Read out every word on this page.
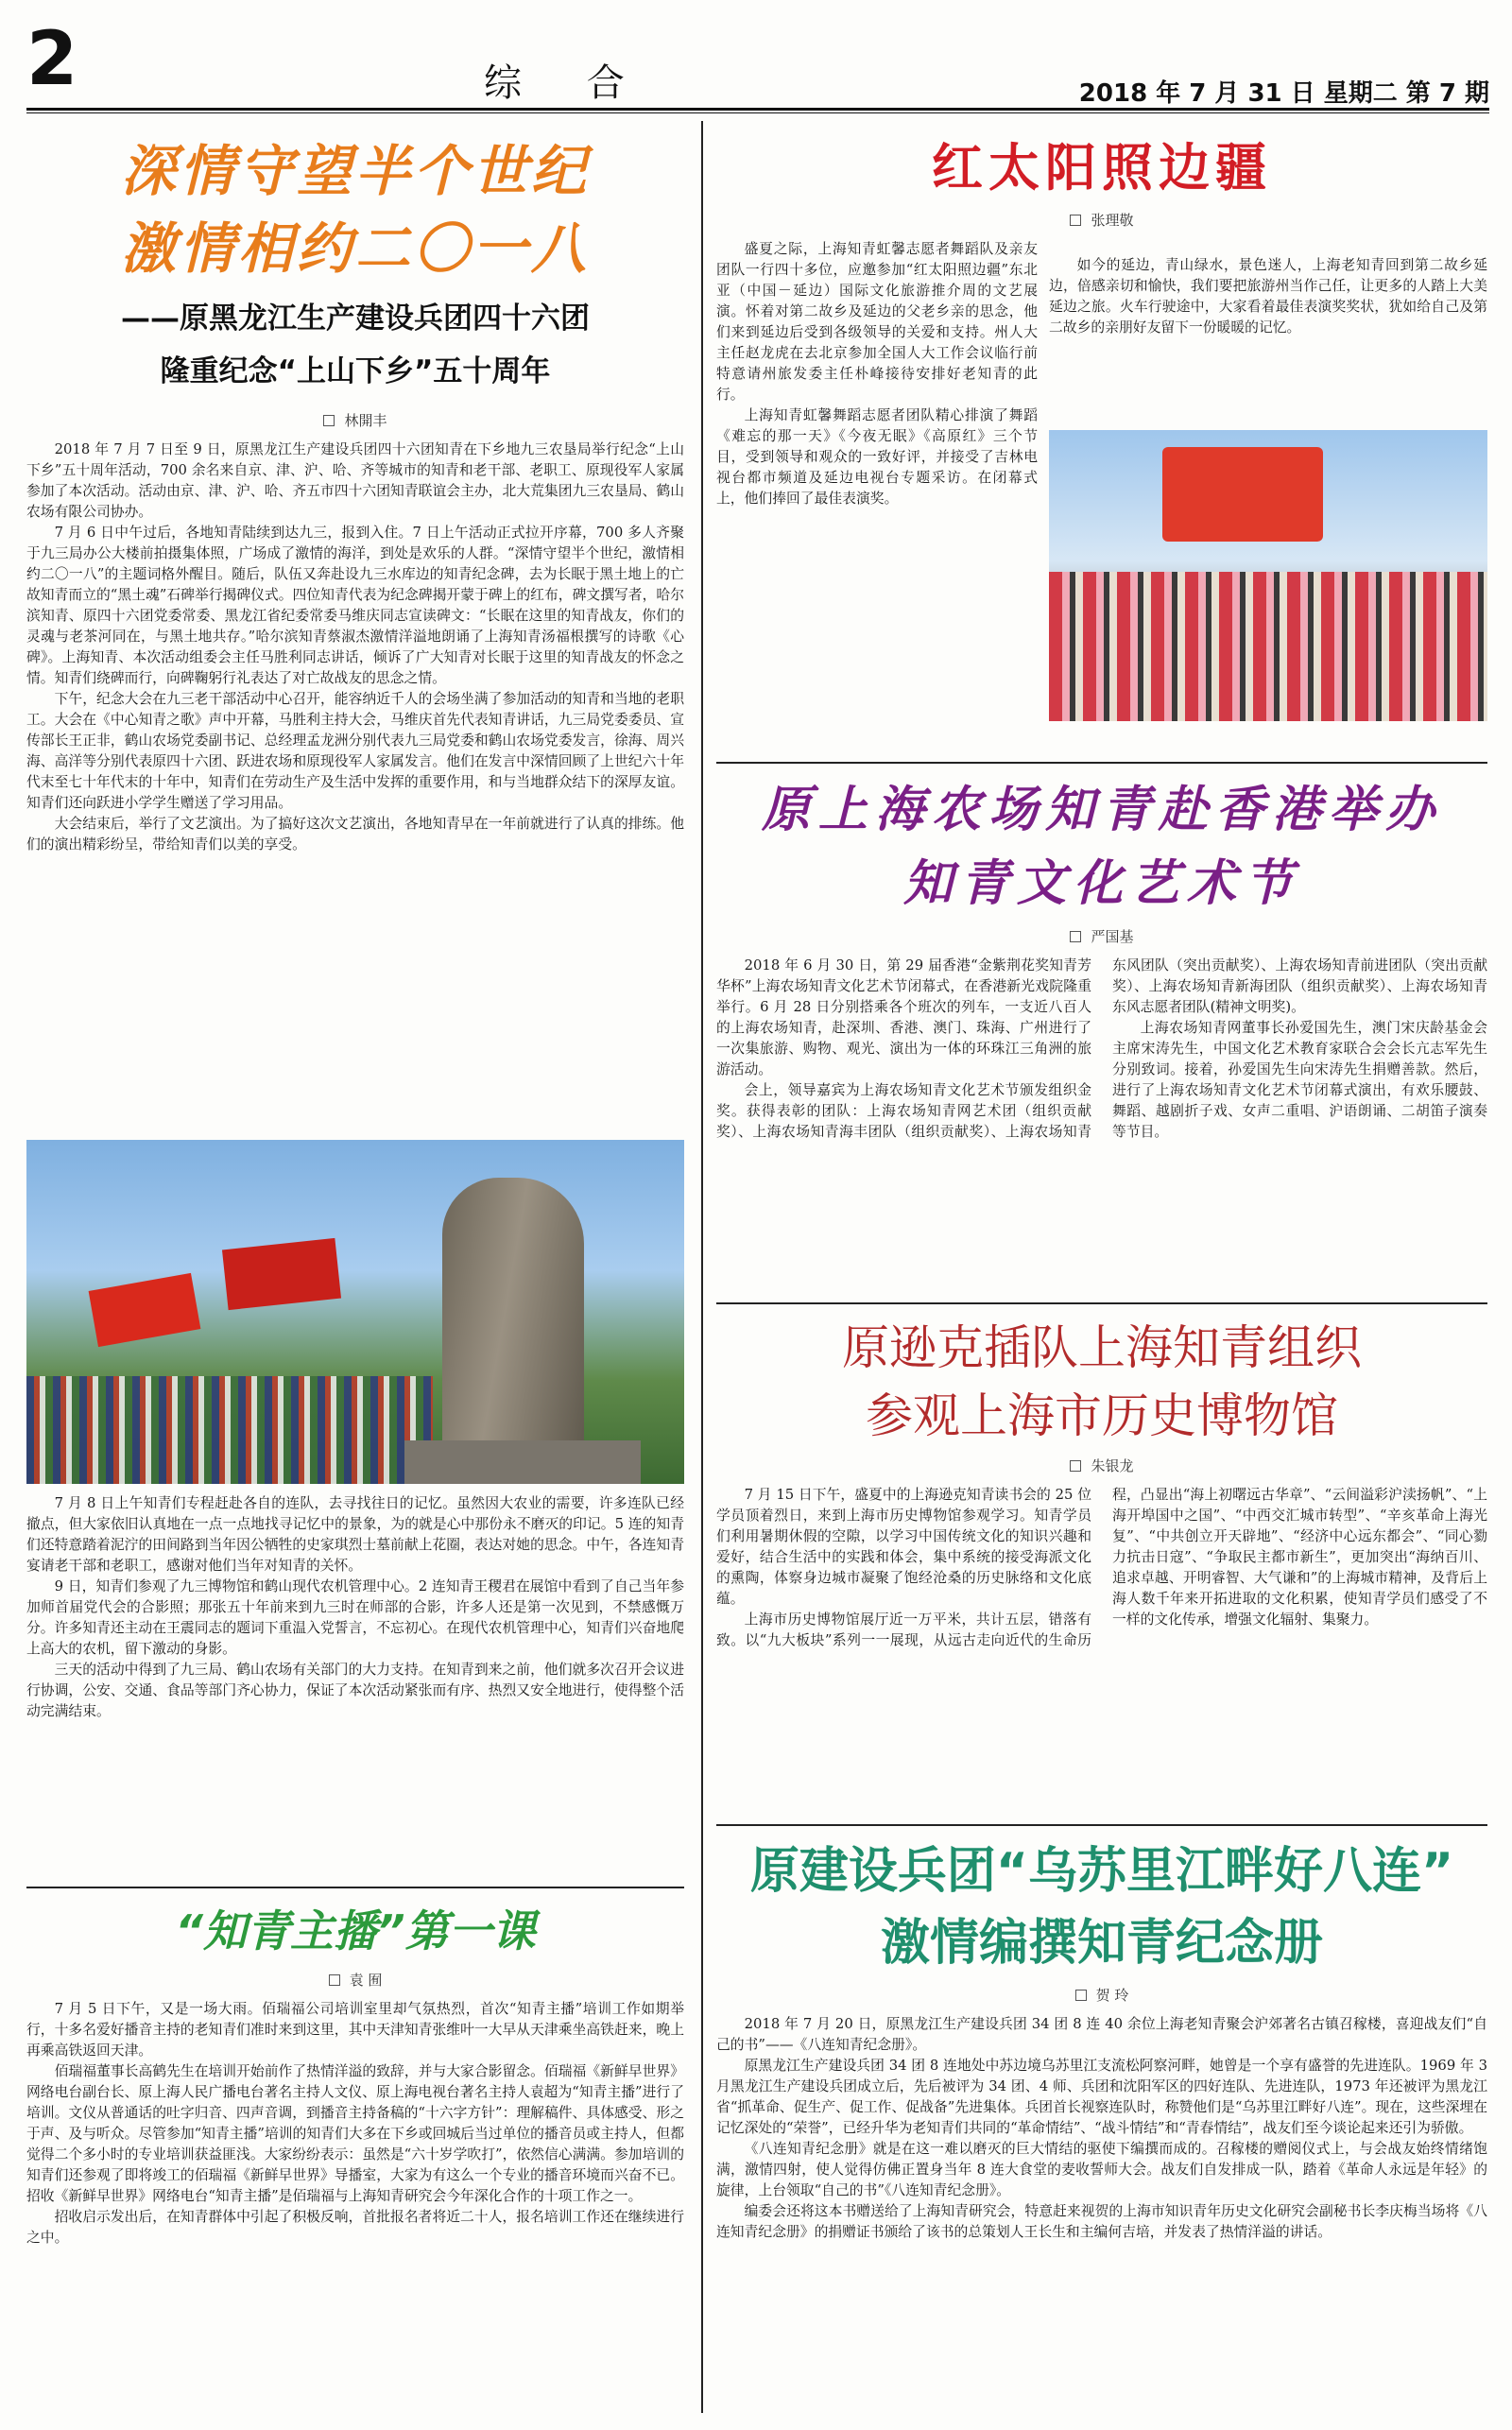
2	综 合	2018 年 7 月 31 日 星期二 第 7 期
深情守望半个世纪
激情相约二〇一八
——原黑龙江生产建设兵团四十六团
隆重纪念“上山下乡”五十周年
林開丰

2018 年 7 月 7 日至 9 日，原黑龙江生产建设兵团四十六团知青在下乡地九三农垦局举行纪念“上山下乡”五十周年活动，700 余名来自京、津、沪、哈、齐等城市的知青和老干部、老职工、原现役军人家属参加了本次活动。活动由京、津、沪、哈、齐五市四十六团知青联谊会主办，北大荒集团九三农垦局、鹤山农场有限公司协办。

7 月 6 日中午过后，各地知青陆续到达九三，报到入住。7 日上午活动正式拉开序幕，700 多人齐聚于九三局办公大楼前拍摄集体照，广场成了激情的海洋，到处是欢乐的人群。“深情守望半个世纪，激情相约二〇一八”的主题词格外醒目。随后，队伍又奔赴设九三水库边的知青纪念碑，去为长眠于黑土地上的亡故知青而立的“黑土魂”石碑举行揭碑仪式。四位知青代表为纪念碑揭开蒙于碑上的红布，碑文撰写者，哈尔滨知青、原四十六团党委常委、黑龙江省纪委常委马维庆同志宣读碑文：“长眠在这里的知青战友，你们的灵魂与老茶河同在，与黑土地共存。”哈尔滨知青蔡淑杰激情洋溢地朗诵了上海知青汤福根撰写的诗歌《心碑》。上海知青、本次活动组委会主任马胜利同志讲话，倾诉了广大知青对长眠于这里的知青战友的怀念之情。知青们绕碑而行，向碑鞠躬行礼表达了对亡故战友的思念之情。

下午，纪念大会在九三老干部活动中心召开，能容纳近千人的会场坐满了参加活动的知青和当地的老职工。大会在《中心知青之歌》声中开幕，马胜利主持大会，马维庆首先代表知青讲话，九三局党委委员、宣传部长王正非，鹤山农场党委副书记、总经理孟龙洲分别代表九三局党委和鹤山农场党委发言，徐海、周兴海、高洋等分别代表原四十六团、跃进农场和原现役军人家属发言。他们在发言中深情回顾了上世纪六十年代末至七十年代末的十年中，知青们在劳动生产及生活中发挥的重要作用，和与当地群众结下的深厚友谊。知青们还向跃进小学学生赠送了学习用品。

大会结束后，举行了文艺演出。为了搞好这次文艺演出，各地知青早在一年前就进行了认真的排练。他们的演出精彩纷呈，带给知青们以美的享受。

7 月 8 日上午知青们专程赶赴各自的连队，去寻找往日的记忆。虽然因大农业的需要，许多连队已经撤点，但大家依旧认真地在一点一点地找寻记忆中的景象，为的就是心中那份永不磨灭的印记。5 连的知青们还特意踏着泥泞的田间路到当年因公牺牲的史家琪烈士墓前献上花圈，表达对她的思念。中午，各连知青宴请老干部和老职工，感谢对他们当年对知青的关怀。

9 日，知青们参观了九三博物馆和鹤山现代农机管理中心。2 连知青王稷君在展馆中看到了自己当年参加师首届党代会的合影照；那张五十年前来到九三时在师部的合影，许多人还是第一次见到，不禁感慨万分。许多知青还主动在王震同志的题词下重温入党誓言，不忘初心。在现代农机管理中心，知青们兴奋地爬上高大的农机，留下激动的身影。

三天的活动中得到了九三局、鹤山农场有关部门的大力支持。在知青到来之前，他们就多次召开会议进行协调，公安、交通、食品等部门齐心协力，保证了本次活动紧张而有序、热烈又安全地进行，使得整个活动完满结束。

“知青主播”第一课
袁 囿

7 月 5 日下午，又是一场大雨。佰瑞福公司培训室里却气氛热烈，首次“知青主播”培训工作如期举行，十多名爱好播音主持的老知青们准时来到这里，其中天津知青张维叶一大早从天津乘坐高铁赶来，晚上再乘高铁返回天津。

佰瑞福董事长高鹤先生在培训开始前作了热情洋溢的致辞，并与大家合影留念。佰瑞福《新鲜早世界》网络电台副台长、原上海人民广播电台著名主持人文仪、原上海电视台著名主持人袁超为“知青主播”进行了培训。文仪从普通话的吐字归音、四声音调，到播音主持备稿的“十六字方针”：理解稿件、具体感受、形之于声、及与听众。尽管参加“知青主播”培训的知青们大多在下乡或回城后当过单位的播音员或主持人，但都觉得二个多小时的专业培训获益匪浅。大家纷纷表示：虽然是“六十岁学吹打”，依然信心满满。参加培训的知青们还参观了即将竣工的佰瑞福《新鲜早世界》导播室，大家为有这么一个专业的播音环境而兴奋不已。招收《新鲜早世界》网络电台“知青主播”是佰瑞福与上海知青研究会今年深化合作的十项工作之一。

招收启示发出后，在知青群体中引起了积极反响，首批报名者将近二十人，报名培训工作还在继续进行之中。

红太阳照边疆
张理敬

盛夏之际，上海知青虹馨志愿者舞蹈队及亲友团队一行四十多位，应邀参加“红太阳照边疆”东北亚（中国－延边）国际文化旅游推介周的文艺展演。怀着对第二故乡及延边的父老乡亲的思念，他们来到延边后受到各级领导的关爱和支持。州人大主任赵龙虎在去北京参加全国人大工作会议临行前特意请州旅发委主任朴峰接待安排好老知青的此行。

上海知青虹馨舞蹈志愿者团队精心排演了舞蹈《难忘的那一天》《今夜无眠》《高原红》三个节目，受到领导和观众的一致好评，并接受了吉林电视台都市频道及延边电视台专题采访。在闭幕式上，他们捧回了最佳表演奖。

如今的延边，青山绿水，景色迷人，上海老知青回到第二故乡延边，倍感亲切和愉快，我们要把旅游州当作己任，让更多的人踏上大美延边之旅。火车行驶途中，大家看着最佳表演奖奖状，犹如给自己及第二故乡的亲朋好友留下一份暖暖的记忆。

原上海农场知青赴香港举办
知青文化艺术节
严国基

2018 年 6 月 30 日，第 29 届香港“金紫荆花奖知青芳华杯”上海农场知青文化艺术节闭幕式，在香港新光戏院隆重举行。6 月 28 日分别搭乘各个班次的列车，一支近八百人的上海农场知青，赴深圳、香港、澳门、珠海、广州进行了一次集旅游、购物、观光、演出为一体的环珠江三角洲的旅游活动。

会上，领导嘉宾为上海农场知青文化艺术节颁发组织金奖。获得表彰的团队：上海农场知青网艺术团（组织贡献奖）、上海农场知青海丰团队（组织贡献奖）、上海农场知青东风团队（突出贡献奖）、上海农场知青前进团队（突出贡献奖）、上海农场知青新海团队（组织贡献奖）、上海农场知青东风志愿者团队(精神文明奖)。

上海农场知青网董事长孙爱国先生，澳门宋庆龄基金会主席宋涛先生，中国文化艺术教育家联合会会长亢志军先生分别致词。接着，孙爱国先生向宋涛先生捐赠善款。然后，进行了上海农场知青文化艺术节闭幕式演出，有欢乐腰鼓、舞蹈、越剧折子戏、女声二重唱、沪语朗诵、二胡笛子演奏等节目。

原逊克插队上海知青组织
参观上海市历史博物馆
朱银龙

7 月 15 日下午，盛夏中的上海逊克知青读书会的 25 位学员顶着烈日，来到上海市历史博物馆参观学习。知青学员们利用暑期休假的空隙，以学习中国传统文化的知识兴趣和爱好，结合生活中的实践和体会，集中系统的接受海派文化的熏陶，体察身边城市凝聚了饱经沧桑的历史脉络和文化底蕴。

上海市历史博物馆展厅近一万平米，共计五层，错落有致。以“九大板块”系列一一展现，从远古走向近代的生命历程，凸显出“海上初曙远古华章”、“云间溢彩沪渎扬帆”、“上海开埠国中之国”、“中西交汇城市转型”、“辛亥革命上海光复”、“中共创立开天辟地”、“经济中心远东都会”、“同心勠力抗击日寇”、“争取民主都市新生”，更加突出“海纳百川、追求卓越、开明睿智、大气谦和”的上海城市精神，及背后上海人数千年来开拓进取的文化积累，使知青学员们感受了不一样的文化传承，增强文化辐射、集聚力。

原建设兵团“乌苏里江畔好八连”
激情编撰知青纪念册
贺 玲

2018 年 7 月 20 日，原黑龙江生产建设兵团 34 团 8 连 40 余位上海老知青聚会沪郊著名古镇召稼楼，喜迎战友们“自己的书”——《八连知青纪念册》。

原黑龙江生产建设兵团 34 团 8 连地处中苏边境乌苏里江支流松阿察河畔，她曾是一个享有盛誉的先进连队。1969 年 3 月黑龙江生产建设兵团成立后，先后被评为 34 团、4 师、兵团和沈阳军区的四好连队、先进连队，1973 年还被评为黑龙江省“抓革命、促生产、促工作、促战备”先进集体。兵团首长视察连队时，称赞他们是“乌苏里江畔好八连”。现在，这些深埋在记忆深处的“荣誉”，已经升华为老知青们共同的“革命情结”、“战斗情结”和“青春情结”，战友们至今谈论起来还引为骄傲。

《八连知青纪念册》就是在这一难以磨灭的巨大情结的驱使下编撰而成的。召稼楼的赠阅仪式上，与会战友始终情绪饱满，激情四射，使人觉得仿佛正置身当年 8 连大食堂的麦收誓师大会。战友们自发排成一队，踏着《革命人永远是年轻》的旋律，上台领取“自己的书”《八连知青纪念册》。

编委会还将这本书赠送给了上海知青研究会，特意赶来视贺的上海市知识青年历史文化研究会副秘书长李庆梅当场将《八连知青纪念册》的捐赠证书颁给了该书的总策划人王长生和主编何吉培，并发表了热情洋溢的讲话。
